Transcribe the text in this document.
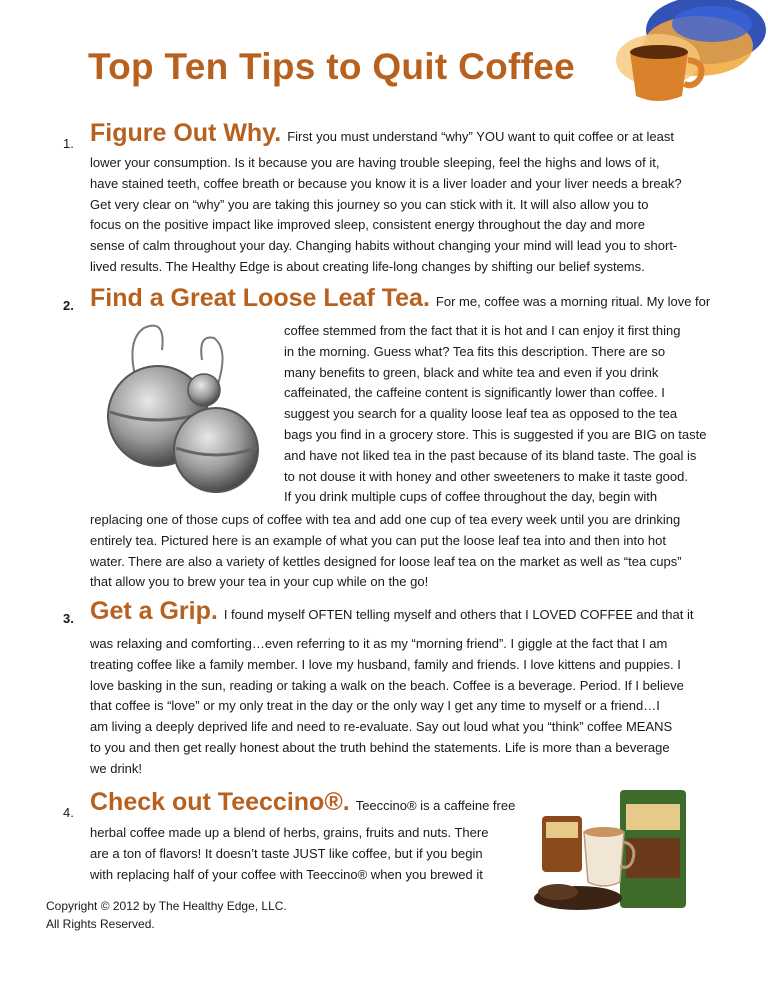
Top Ten Tips to Quit Coffee
1. Figure Out Why. First you must understand “why” YOU want to quit coffee or at least
lower your consumption. Is it because you are having trouble sleeping, feel the highs and lows of it,
have stained teeth, coffee breath or because you know it is a liver loader and your liver needs a break?
Get very clear on “why” you are taking this journey so you can stick with it. It will also allow you to
focus on the positive impact like improved sleep, consistent energy throughout the day and more
sense of calm throughout your day. Changing habits without changing your mind will lead you to short-
lived results. The Healthy Edge is about creating life-long changes by shifting our belief systems.
2. Find a Great Loose Leaf Tea. For me, coffee was a morning ritual. My love for
coffee stemmed from the fact that it is hot and I can enjoy it first thing
in the morning. Guess what? Tea fits this description. There are so
many benefits to green, black and white tea and even if you drink
caffeinated, the caffeine content is significantly lower than coffee. I
suggest you search for a quality loose leaf tea as opposed to the tea
bags you find in a grocery store. This is suggested if you are BIG on taste
and have not liked tea in the past because of its bland taste. The goal is
to not douse it with honey and other sweeteners to make it taste good.
If you drink multiple cups of coffee throughout the day, begin with
replacing one of those cups of coffee with tea and add one cup of tea every week until you are drinking
entirely tea. Pictured here is an example of what you can put the loose leaf tea into and then into hot
water. There are also a variety of kettles designed for loose leaf tea on the market as well as “tea cups”
that allow you to brew your tea in your cup while on the go!
3. Get a Grip. I found myself OFTEN telling myself and others that I LOVED COFFEE and that it
was relaxing and comforting…even referring to it as my “morning friend”. I giggle at the fact that I am
treating coffee like a family member. I love my husband, family and friends. I love kittens and puppies. I
love basking in the sun, reading or taking a walk on the beach. Coffee is a beverage. Period. If I believe
that coffee is “love” or my only treat in the day or the only way I get any time to myself or a friend…I
am living a deeply deprived life and need to re-evaluate. Say out loud what you “think” coffee MEANS
to you and then get really honest about the truth behind the statements. Life is more than a beverage
we drink!
4. Check out Teeccino®. Teeccino® is a caffeine free
herbal coffee made up a blend of herbs, grains, fruits and nuts. There
are a ton of flavors! It doesn’t taste JUST like coffee, but if you begin
with replacing half of your coffee with Teeccino® when you brewed it
Copyright © 2012 by The Healthy Edge, LLC.
All Rights Reserved.
